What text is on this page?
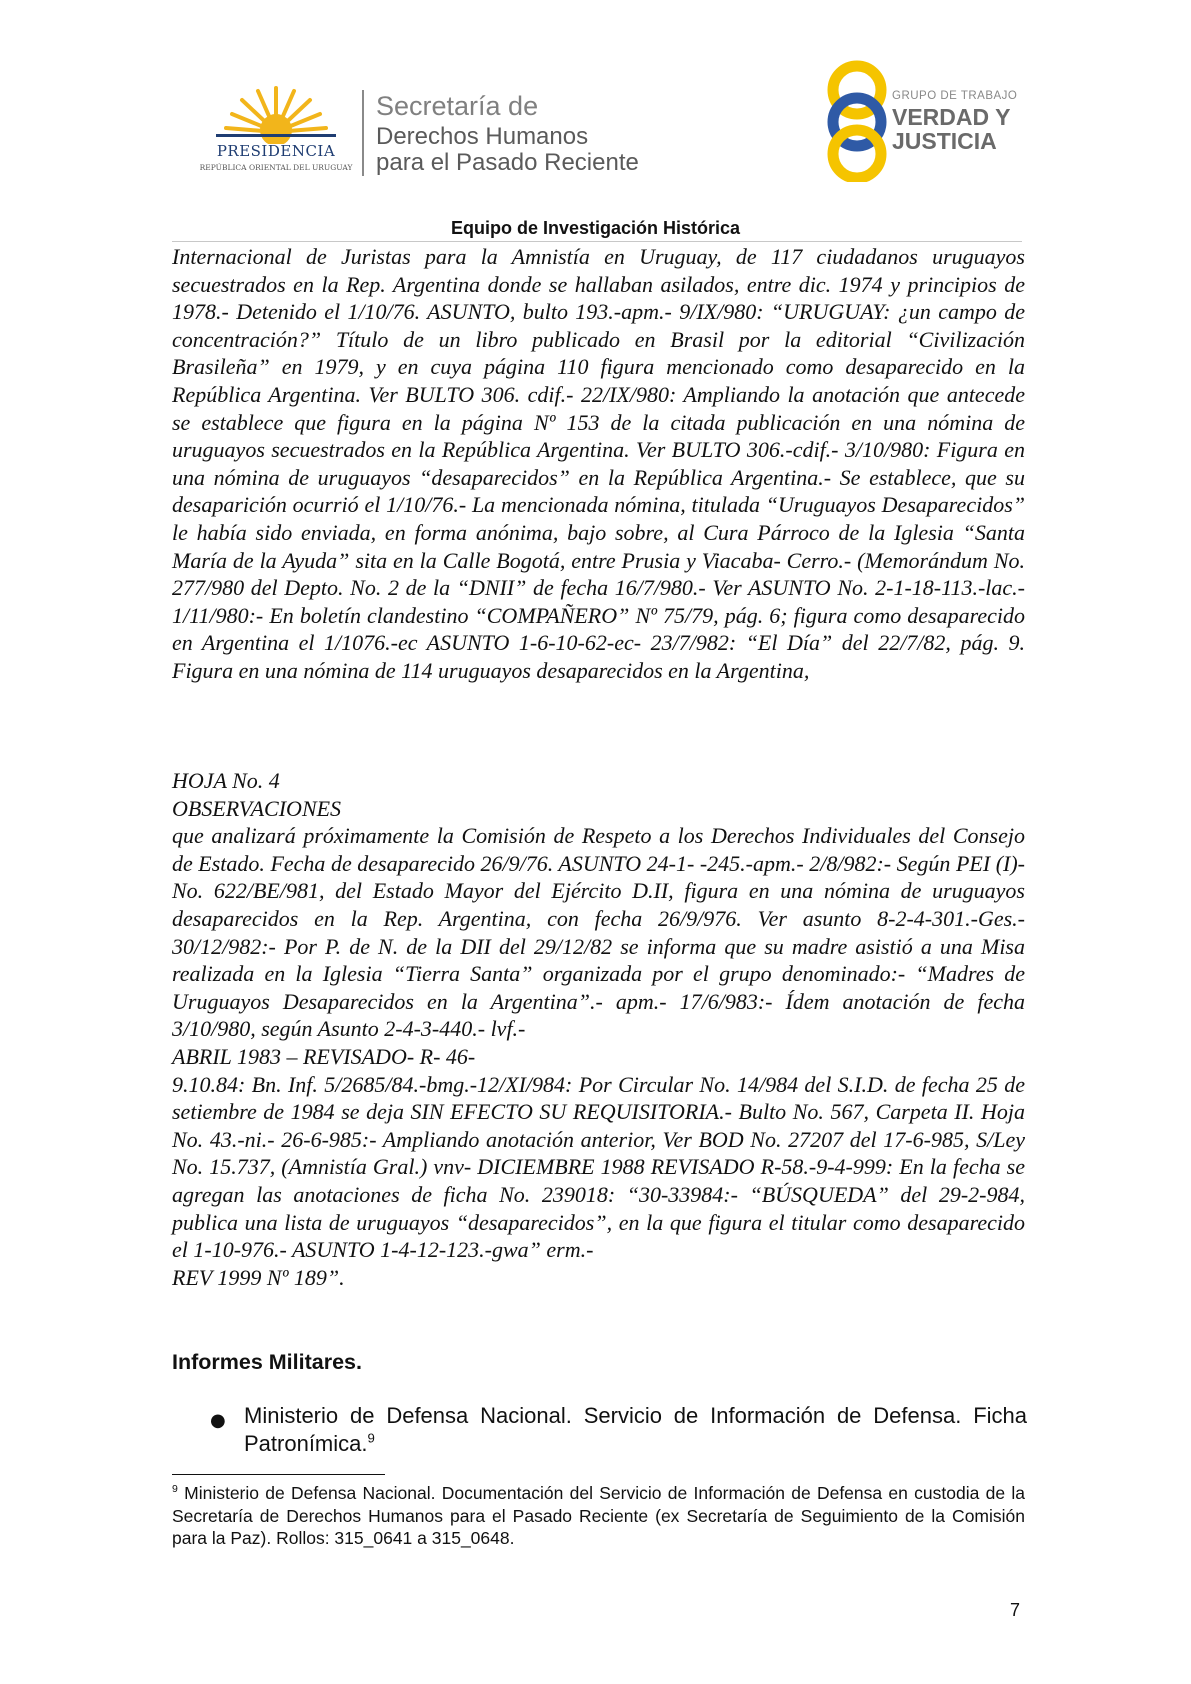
PRESIDENCIA
REPÚBLICA ORIENTAL DEL URUGUAY
Secretaría de
Derechos Humanos
para el Pasado Reciente
GRUPO DE TRABAJO
VERDAD Y
JUSTICIA
Equipo de Investigación Histórica

Internacional de Juristas para la Amnistía en Uruguay, de 117 ciudadanos uruguayos secuestrados en la Rep. Argentina donde se hallaban asilados, entre dic. 1974 y principios de 1978.- Detenido el 1/10/76. ASUNTO, bulto 193.-apm.- 9/IX/980: “URUGUAY: ¿un campo de concentración?” Título de un libro publicado en Brasil por la editorial “Civilización Brasileña” en 1979, y en cuya página 110 figura mencionado como desaparecido en la República Argentina. Ver BULTO 306. cdif.- 22/IX/980: Ampliando la anotación que antecede se establece que figura en la página Nº 153 de la citada publicación en una nómina de uruguayos secuestrados en la República Argentina. Ver BULTO 306.-cdif.- 3/10/980: Figura en una nómina de uruguayos “desaparecidos” en la República Argentina.- Se establece, que su desaparición ocurrió el 1/10/76.- La mencionada nómina, titulada “Uruguayos Desaparecidos” le había sido enviada, en forma anónima, bajo sobre, al Cura Párroco de la Iglesia “Santa María de la Ayuda” sita en la Calle Bogotá, entre Prusia y Viacaba- Cerro.- (Memorándum No. 277/980 del Depto. No. 2 de la “DNII” de fecha 16/7/980.- Ver ASUNTO No. 2-1-18-113.-lac.- 1/11/980:- En boletín clandestino “COMPAÑERO” Nº 75/79, pág. 6; figura como desaparecido en Argentina el 1/1076.-ec ASUNTO 1-6-10-62-ec- 23/7/982: “El Día” del 22/7/82, pág. 9. Figura en una nómina de 114 uruguayos desaparecidos en la Argentina,

HOJA No. 4

OBSERVACIONES

que analizará próximamente la Comisión de Respeto a los Derechos Individuales del Consejo de Estado. Fecha de desaparecido 26/9/76. ASUNTO 24-1- -245.-apm.- 2/8/982:- Según PEI (I)- No. 622/BE/981, del Estado Mayor del Ejército D.II, figura en una nómina de uruguayos desaparecidos en la Rep. Argentina, con fecha 26/9/976. Ver asunto 8-2-4-301.-Ges.- 30/12/982:- Por P. de N. de la DII del 29/12/82 se informa que su madre asistió a una Misa realizada en la Iglesia “Tierra Santa” organizada por el grupo denominado:- “Madres de Uruguayos Desaparecidos en la Argentina”.- apm.- 17/6/983:- Ídem anotación de fecha 3/10/980, según Asunto 2-4-3-440.- lvf.-

ABRIL 1983 – REVISADO- R- 46-

9.10.84: Bn. Inf. 5/2685/84.-bmg.-12/XI/984: Por Circular No. 14/984 del S.I.D. de fecha 25 de setiembre de 1984 se deja SIN EFECTO SU REQUISITORIA.- Bulto No. 567, Carpeta II. Hoja No. 43.-ni.- 26-6-985:- Ampliando anotación anterior, Ver BOD No. 27207 del 17-6-985, S/Ley No. 15.737, (Amnistía Gral.) vnv- DICIEMBRE 1988 REVISADO R-58.-9-4-999: En la fecha se agregan las anotaciones de ficha No. 239018: “30-33984:- “BÚSQUEDA” del 29-2-984, publica una lista de uruguayos “desaparecidos”, en la que figura el titular como desaparecido el 1-10-976.- ASUNTO 1-4-12-123.-gwa” erm.-

REV 1999 Nº 189”.

Informes Militares.
● Ministerio de Defensa Nacional. Servicio de Información de Defensa. Ficha Patronímica.$^9$
$^9$ Ministerio de Defensa Nacional. Documentación del Servicio de Información de Defensa en custodia de la Secretaría de Derechos Humanos para el Pasado Reciente (ex Secretaría de Seguimiento de la Comisión para la Paz). Rollos: 315_0641 a 315_0648.
7
